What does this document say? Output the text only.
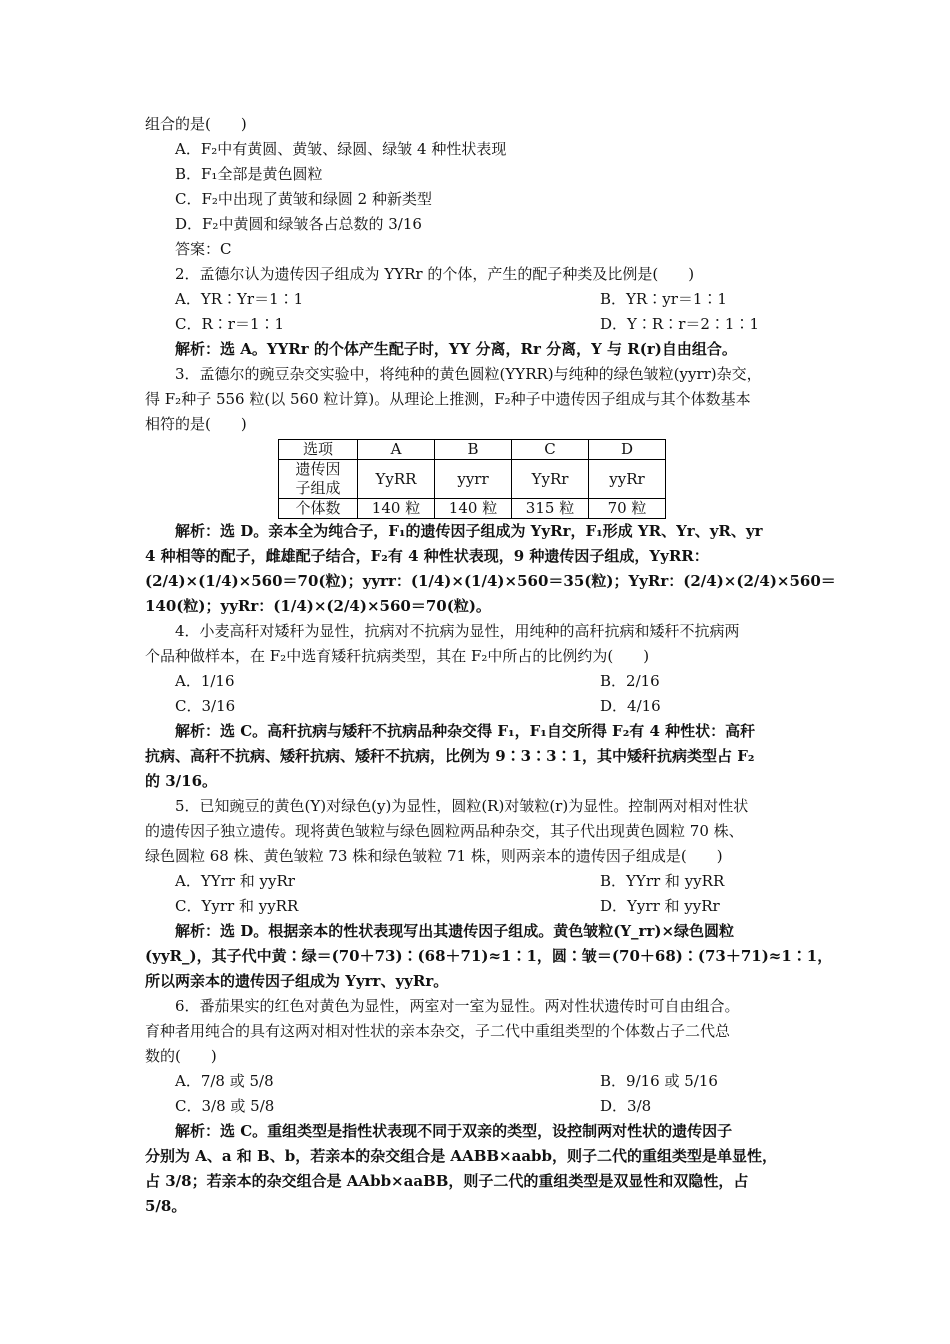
组合的是(　　)
A．F₂中有黄圆、黄皱、绿圆、绿皱 4 种性状表现
B．F₁全部是黄色圆粒
C．F₂中出现了黄皱和绿圆 2 种新类型
D．F₂中黄圆和绿皱各占总数的 3/16
答案：C
2．孟德尔认为遗传因子组成为 YYRr 的个体，产生的配子种类及比例是(　　)
A．YR∶Yr＝1∶1	B．YR∶yr＝1∶1
C．R∶r＝1∶1	D．Y∶R∶r＝2∶1∶1
解析：选 A。YYRr 的个体产生配子时，YY 分离，Rr 分离，Y 与 R(r)自由组合。
3．孟德尔的豌豆杂交实验中，将纯种的黄色圆粒(YYRR)与纯种的绿色皱粒(yyrr)杂交，
得 F₂种子 556 粒(以 560 粒计算)。从理论上推测，F₂种子中遗传因子组成与其个体数基本
相符的是(　　)
选项	A	B	C	D

遗传因
子组成	YyRR	yyrr	YyRr	yyRr
个体数	140 粒	140 粒	315 粒	70 粒
解析：选 D。亲本全为纯合子，F₁的遗传因子组成为 YyRr，F₁形成 YR、Yr、yR、yr
4 种相等的配子，雌雄配子结合，F₂有 4 种性状表现，9 种遗传因子组成，YyRR：
(2/4)×(1/4)×560＝70(粒)；yyrr：(1/4)×(1/4)×560＝35(粒)；YyRr：(2/4)×(2/4)×560＝
140(粒)；yyRr：(1/4)×(2/4)×560＝70(粒)。
4．小麦高秆对矮秆为显性，抗病对不抗病为显性，用纯种的高秆抗病和矮秆不抗病两
个品种做样本，在 F₂中选育矮秆抗病类型，其在 F₂中所占的比例约为(　　)
A．1/16	B．2/16
C．3/16	D．4/16
解析：选 C。高秆抗病与矮秆不抗病品种杂交得 F₁，F₁自交所得 F₂有 4 种性状：高秆
抗病、高秆不抗病、矮秆抗病、矮秆不抗病，比例为 9∶3∶3∶1，其中矮秆抗病类型占 F₂
的 3/16。
5．已知豌豆的黄色(Y)对绿色(y)为显性，圆粒(R)对皱粒(r)为显性。控制两对相对性状
的遗传因子独立遗传。现将黄色皱粒与绿色圆粒两品种杂交，其子代出现黄色圆粒 70 株、
绿色圆粒 68 株、黄色皱粒 73 株和绿色皱粒 71 株，则两亲本的遗传因子组成是(　　)
A．YYrr 和 yyRr	B．YYrr 和 yyRR
C．Yyrr 和 yyRR	D．Yyrr 和 yyRr
解析：选 D。根据亲本的性状表现写出其遗传因子组成。黄色皱粒(Y_rr)×绿色圆粒
(yyR_)，其子代中黄∶绿＝(70＋73)∶(68＋71)≈1∶1，圆∶皱＝(70＋68)∶(73＋71)≈1∶1，
所以两亲本的遗传因子组成为 Yyrr、yyRr。
6．番茄果实的红色对黄色为显性，两室对一室为显性。两对性状遗传时可自由组合。
育种者用纯合的具有这两对相对性状的亲本杂交，子二代中重组类型的个体数占子二代总
数的(　　)
A．7/8 或 5/8	B．9/16 或 5/16
C．3/8 或 5/8	D．3/8
解析：选 C。重组类型是指性状表现不同于双亲的类型，设控制两对性状的遗传因子
分别为 A、a 和 B、b，若亲本的杂交组合是 AABB×aabb，则子二代的重组类型是单显性，
占 3/8；若亲本的杂交组合是 AAbb×aaBB，则子二代的重组类型是双显性和双隐性，占
5/8。
